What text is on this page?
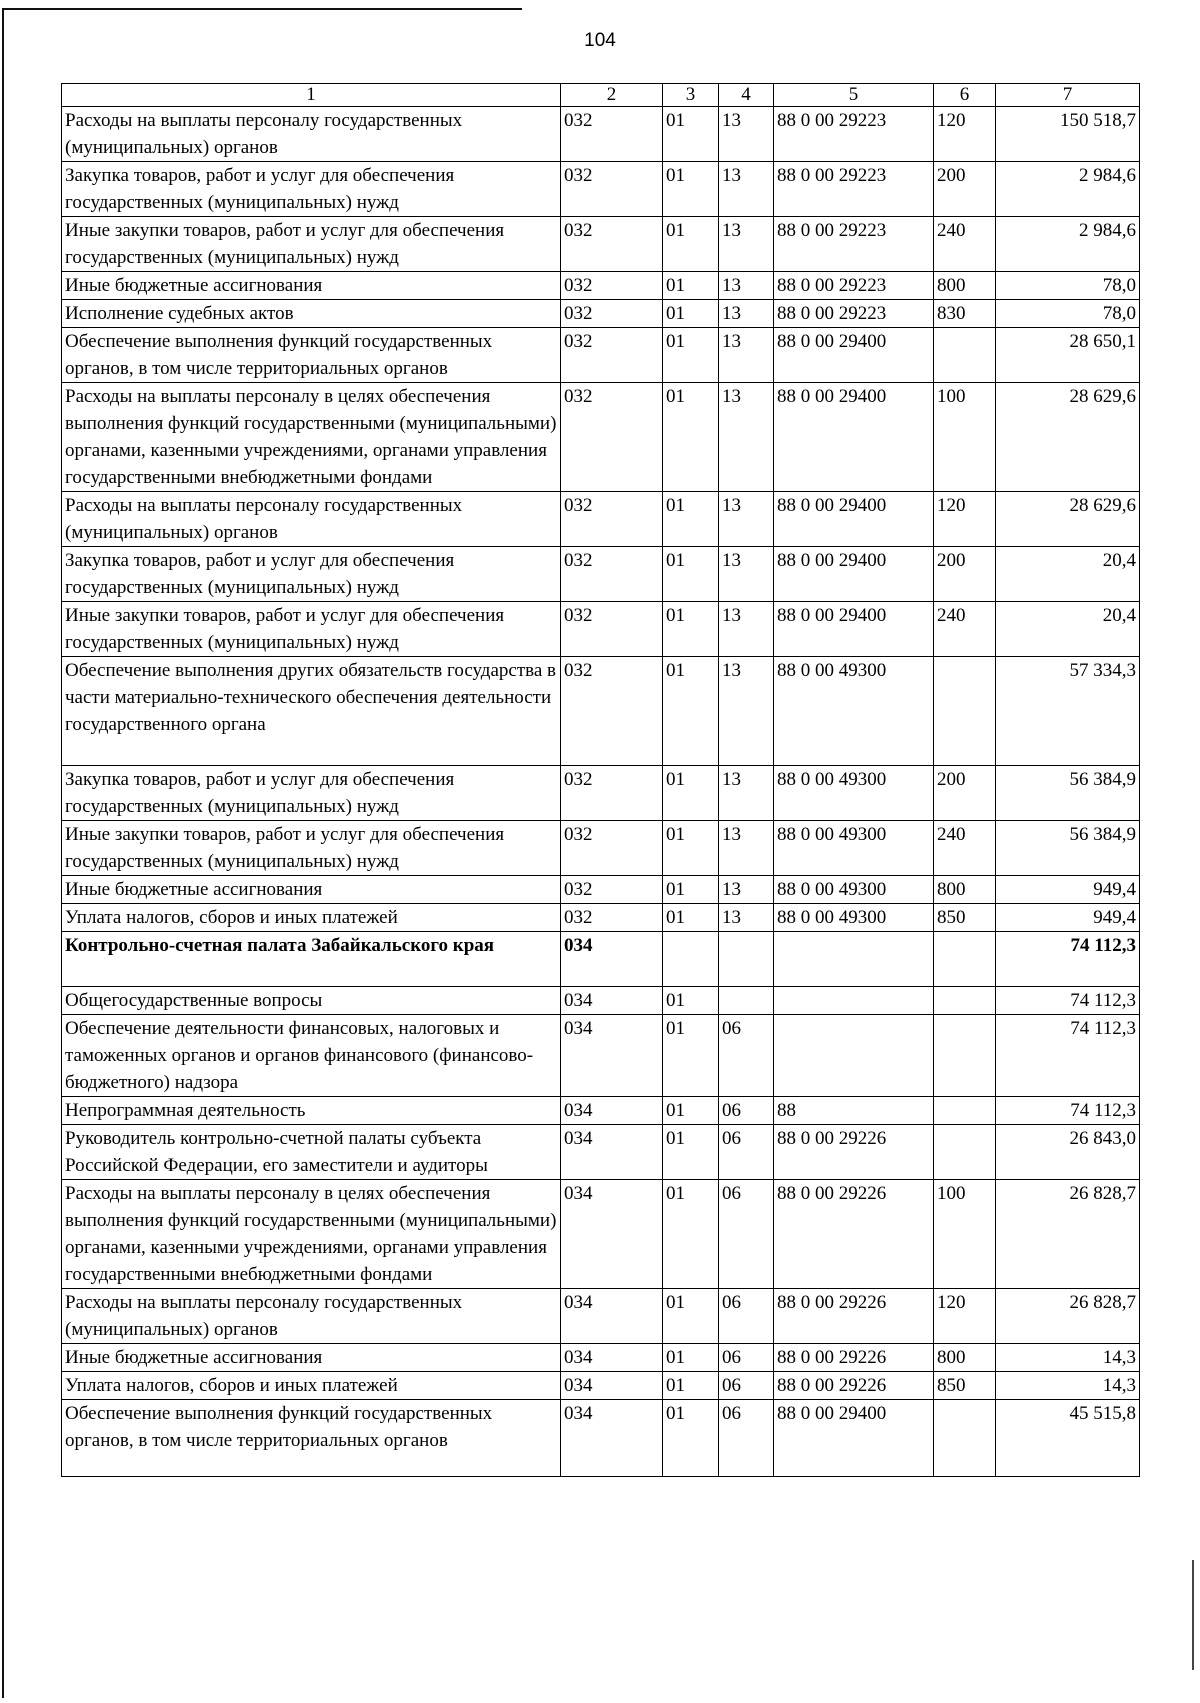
104
1	2	3	4	5	6	7
Расходы на выплаты персоналу государственных (муниципальных) органов	032	01	13	88 0 00 29223	120	150 518,7
Закупка товаров, работ и услуг для обеспечения государственных (муниципальных) нужд	032	01	13	88 0 00 29223	200	2 984,6
Иные закупки товаров, работ и услуг для обеспечения государственных (муниципальных) нужд	032	01	13	88 0 00 29223	240	2 984,6
Иные бюджетные ассигнования	032	01	13	88 0 00 29223	800	78,0
Исполнение судебных актов	032	01	13	88 0 00 29223	830	78,0
Обеспечение выполнения функций государственных органов, в том числе территориальных органов	032	01	13	88 0 00 29400		28 650,1
Расходы на выплаты персоналу в целях обеспечения выполнения функций государственными (муниципальными) органами, казенными учреждениями, органами управления государственными внебюджетными фондами	032	01	13	88 0 00 29400	100	28 629,6
Расходы на выплаты персоналу государственных (муниципальных) органов	032	01	13	88 0 00 29400	120	28 629,6
Закупка товаров, работ и услуг для обеспечения государственных (муниципальных) нужд	032	01	13	88 0 00 29400	200	20,4
Иные закупки товаров, работ и услуг для обеспечения государственных (муниципальных) нужд	032	01	13	88 0 00 29400	240	20,4
Обеспечение выполнения других обязательств государства в части материально-технического обеспечения деятельности государственного органа	032	01	13	88 0 00 49300		57 334,3
Закупка товаров, работ и услуг для обеспечения государственных (муниципальных) нужд	032	01	13	88 0 00 49300	200	56 384,9
Иные закупки товаров, работ и услуг для обеспечения государственных (муниципальных) нужд	032	01	13	88 0 00 49300	240	56 384,9
Иные бюджетные ассигнования	032	01	13	88 0 00 49300	800	949,4
Уплата налогов, сборов и иных платежей	032	01	13	88 0 00 49300	850	949,4
Контрольно-счетная палата Забайкальского края	034					74 112,3
Общегосударственные вопросы	034	01				74 112,3
Обеспечение деятельности финансовых, налоговых и таможенных органов и органов финансового (финансово-бюджетного) надзора	034	01	06			74 112,3
Непрограммная деятельность	034	01	06	88		74 112,3
Руководитель контрольно-счетной палаты субъекта Российской Федерации, его заместители и аудиторы	034	01	06	88 0 00 29226		26 843,0
Расходы на выплаты персоналу в целях обеспечения выполнения функций государственными (муниципальными) органами, казенными учреждениями, органами управления государственными внебюджетными фондами	034	01	06	88 0 00 29226	100	26 828,7
Расходы на выплаты персоналу государственных (муниципальных) органов	034	01	06	88 0 00 29226	120	26 828,7
Иные бюджетные ассигнования	034	01	06	88 0 00 29226	800	14,3
Уплата налогов, сборов и иных платежей	034	01	06	88 0 00 29226	850	14,3
Обеспечение выполнения функций государственных органов, в том числе территориальных органов	034	01	06	88 0 00 29400		45 515,8
